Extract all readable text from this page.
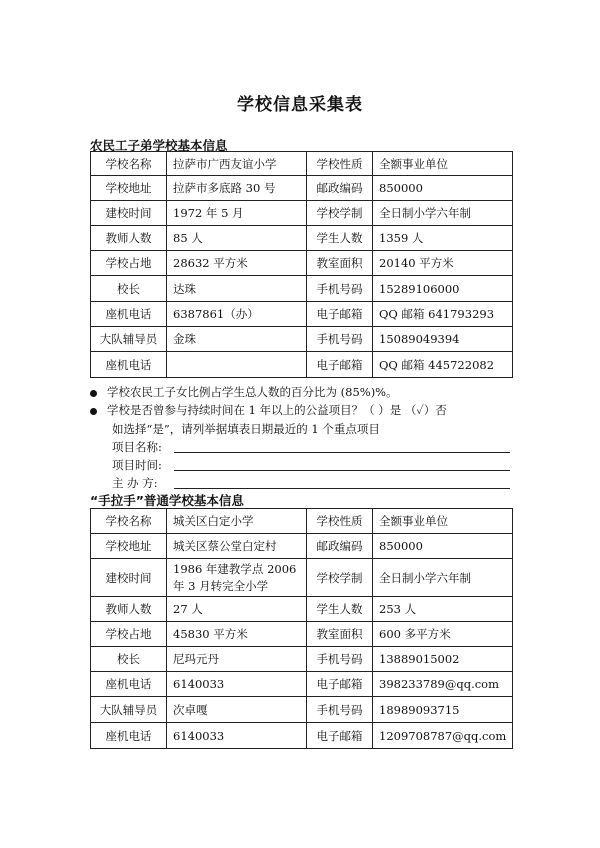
学校信息采集表
农民工子弟学校基本信息
学校名称	拉萨市广西友谊小学	学校性质	全额事业单位
学校地址	拉萨市多底路 30 号	邮政编码	850000
建校时间	1972 年 5 月	学校学制	全日制小学六年制
教师人数	85 人	学生人数	1359 人
学校占地	28632 平方米	教室面积	20140 平方米
校长	达珠	手机号码	15289106000
座机电话	6387861（办）	电子邮箱	QQ 邮箱 641793293
大队辅导员	金珠	手机号码	15089049394
座机电话		电子邮箱	QQ 邮箱 445722082
学校农民工子女比例占学生总人数的百分比为 (85%)%。
学校是否曾参与持续时间在 1 年以上的公益项目？（ ）是 （✓）否
如选择“是”，请列举据填表日期最近的 1 个重点项目
项目名称:
项目时间:
主 办 方:
“手拉手”普通学校基本信息
学校名称	城关区白定小学	学校性质	全额事业单位
学校地址	城关区蔡公堂白定村	邮政编码	850000
建校时间	1986 年建教学点 2006 年 3 月转完全小学	学校学制	全日制小学六年制
教师人数	27 人	学生人数	253 人
学校占地	45830 平方米	教室面积	600 多平方米
校长	尼玛元丹	手机号码	13889015002
座机电话	6140033	电子邮箱	398233789@qq.com
大队辅导员	次卓嘎	手机号码	18989093715
座机电话	6140033	电子邮箱	1209708787@qq.com
